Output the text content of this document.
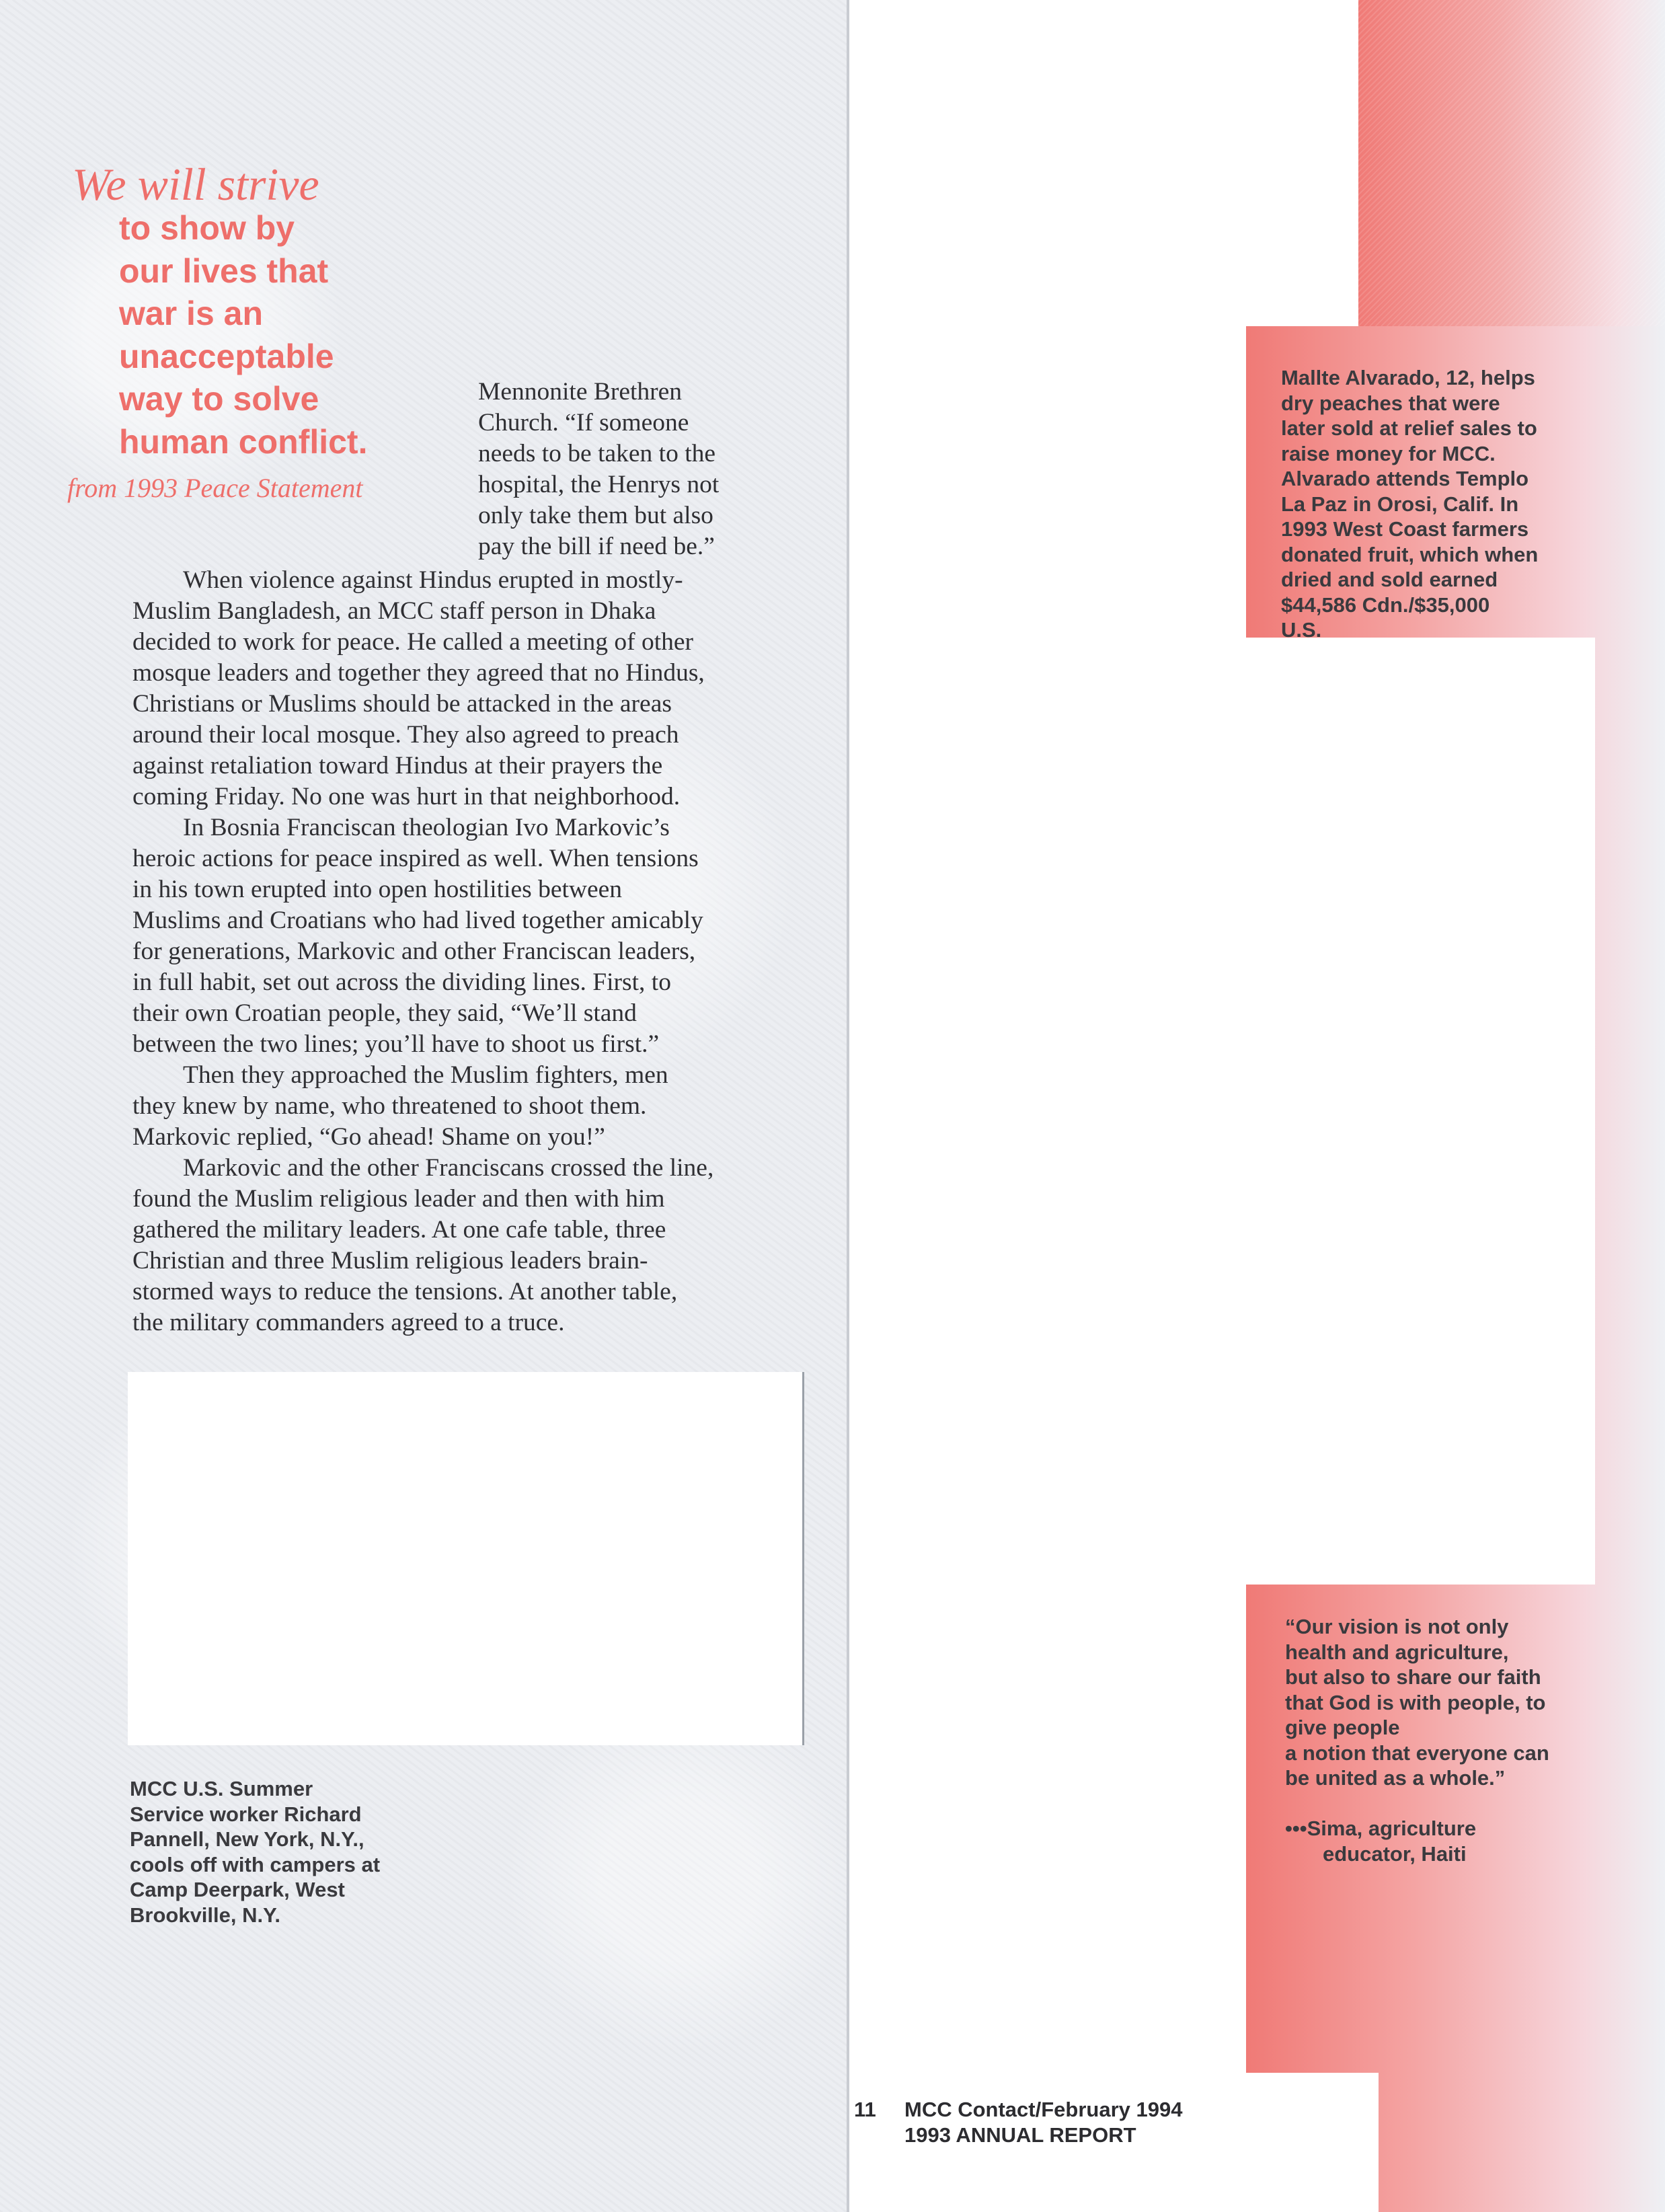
We will strive
to show by
our lives that
war is an
unacceptable
way to solve
human conflict.
from 1993 Peace Statement
Mennonite Brethren
Church. “If someone
needs to be taken to the
hospital, the Henrys not
only take them but also
pay the bill if need be.”
When violence against Hindus erupted in mostly-
Muslim Bangladesh, an MCC staff person in Dhaka
decided to work for peace. He called a meeting of other
mosque leaders and together they agreed that no Hindus,
Christians or Muslims should be attacked in the areas
around their local mosque. They also agreed to preach
against retaliation toward Hindus at their prayers the
coming Friday. No one was hurt in that neighborhood.
In Bosnia Franciscan theologian Ivo Markovic’s
heroic actions for peace inspired as well. When tensions
in his town erupted into open hostilities between
Muslims and Croatians who had lived together amicably
for generations, Markovic and other Franciscan leaders,
in full habit, set out across the dividing lines. First, to
their own Croatian people, they said, “We’ll stand
between the two lines; you’ll have to shoot us first.”
Then they approached the Muslim fighters, men
they knew by name, who threatened to shoot them.
Markovic replied, “Go ahead! Shame on you!”
Markovic and the other Franciscans crossed the line,
found the Muslim religious leader and then with him
gathered the military leaders. At one cafe table, three
Christian and three Muslim religious leaders brain-
stormed ways to reduce the tensions. At another table,
the military commanders agreed to a truce.
MCC U.S. Summer
Service worker Richard
Pannell, New York, N.Y.,
cools off with campers at
Camp Deerpark, West
Brookville, N.Y.
Mallte Alvarado, 12, helps
dry peaches that were
later sold at relief sales to
raise money for MCC.
Alvarado attends Templo
La Paz in Orosi, Calif. In
1993 West Coast farmers
donated fruit, which when
dried and sold earned
$44,586 Cdn./$35,000
U.S.
“Our vision is not only
health and agriculture,
but also to share our faith
that God is with people, to
give people
a notion that everyone can
be united as a whole.”
•••Sima, agriculture
educator, Haiti
11 MCC Contact/February 1994
1993 ANNUAL REPORT
